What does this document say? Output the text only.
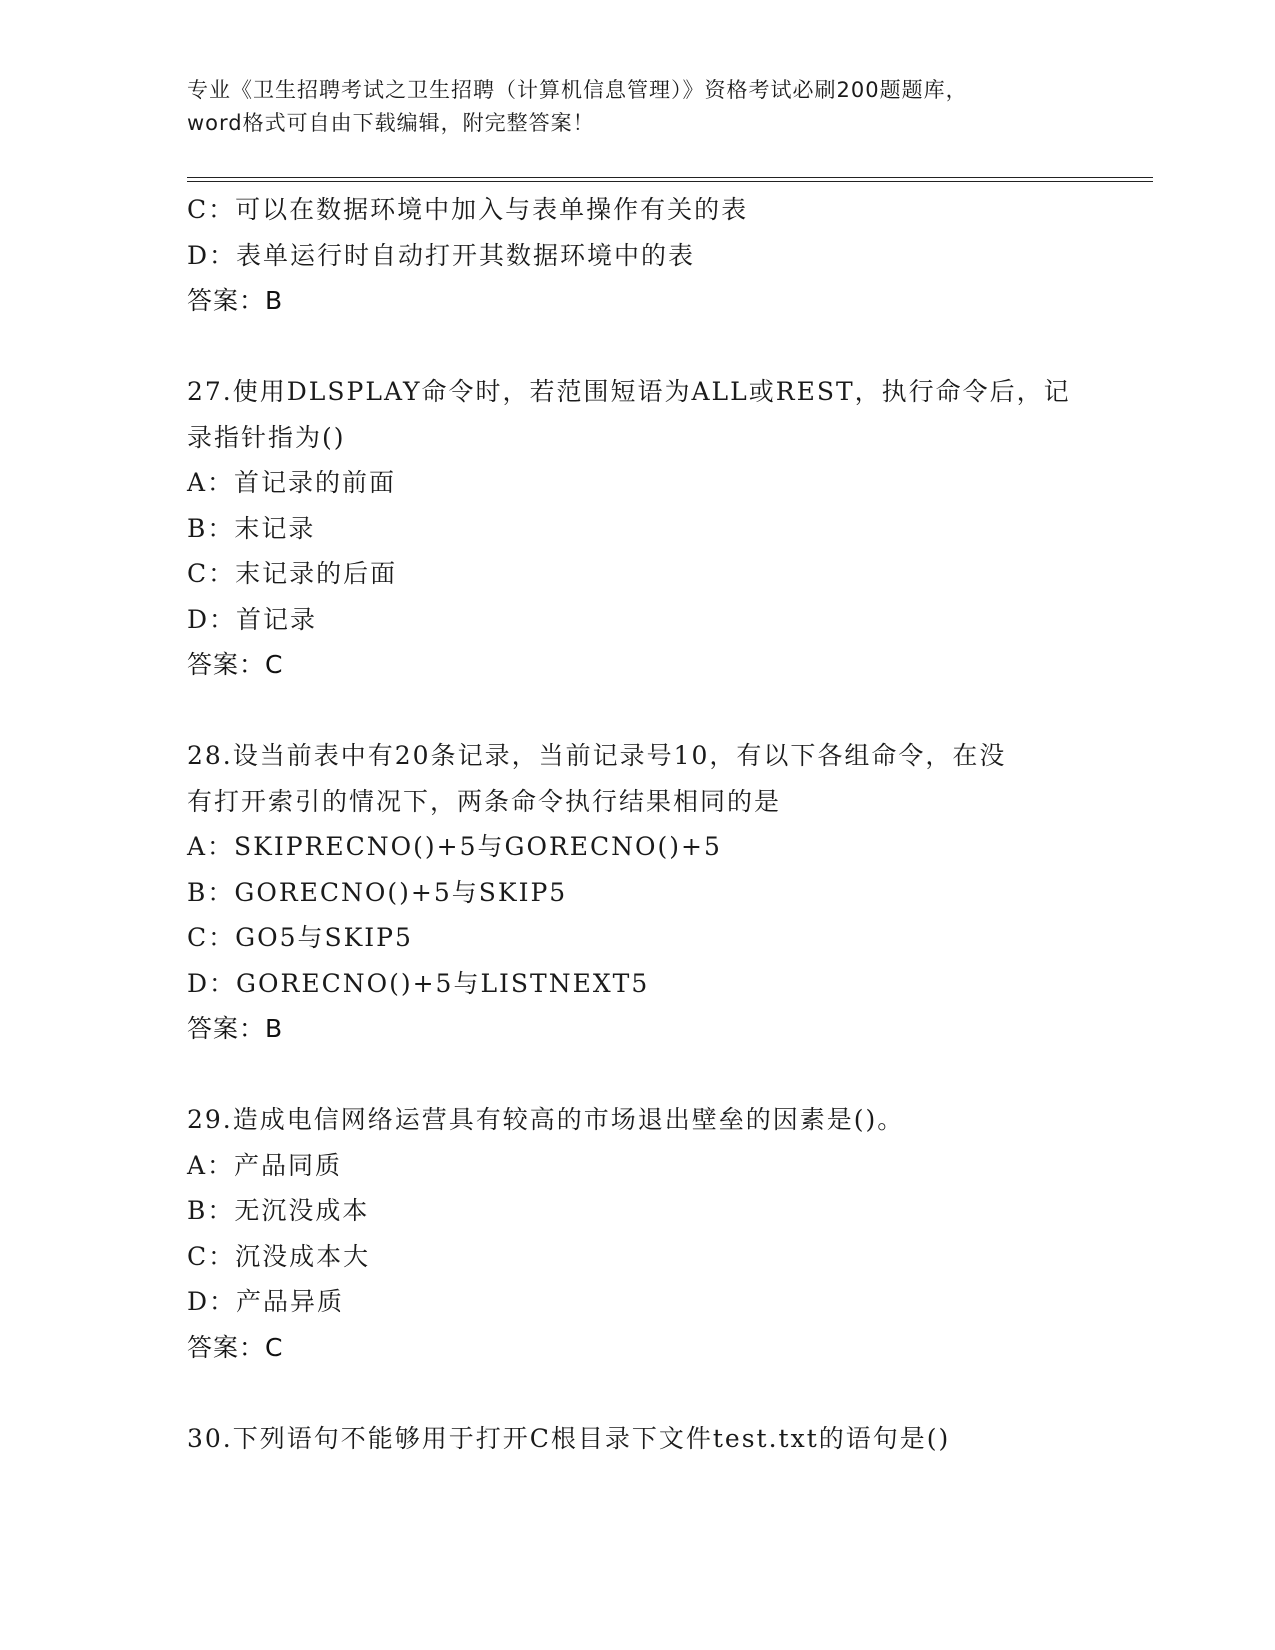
专业《卫生招聘考试之卫生招聘（计算机信息管理）》资格考试必刷200题题库，
word格式可自由下载编辑，附完整答案！
C：可以在数据环境中加入与表单操作有关的表
D：表单运行时自动打开其数据环境中的表
答案：B
27.使用DLSPLAY命令时，若范围短语为ALL或REST，执行命令后，记
录指针指为()
A：首记录的前面
B：末记录
C：末记录的后面
D：首记录
答案：C
28.设当前表中有20条记录，当前记录号10，有以下各组命令，在没
有打开索引的情况下，两条命令执行结果相同的是
A：SKIPRECNO()+5与GORECNO()+5
B：GORECNO()+5与SKIP5
C：GO5与SKIP5
D：GORECNO()+5与LISTNEXT5
答案：B
29.造成电信网络运营具有较高的市场退出壁垒的因素是()。
A：产品同质
B：无沉没成本
C：沉没成本大
D：产品异质
答案：C
30.下列语句不能够用于打开C根目录下文件test.txt的语句是()
